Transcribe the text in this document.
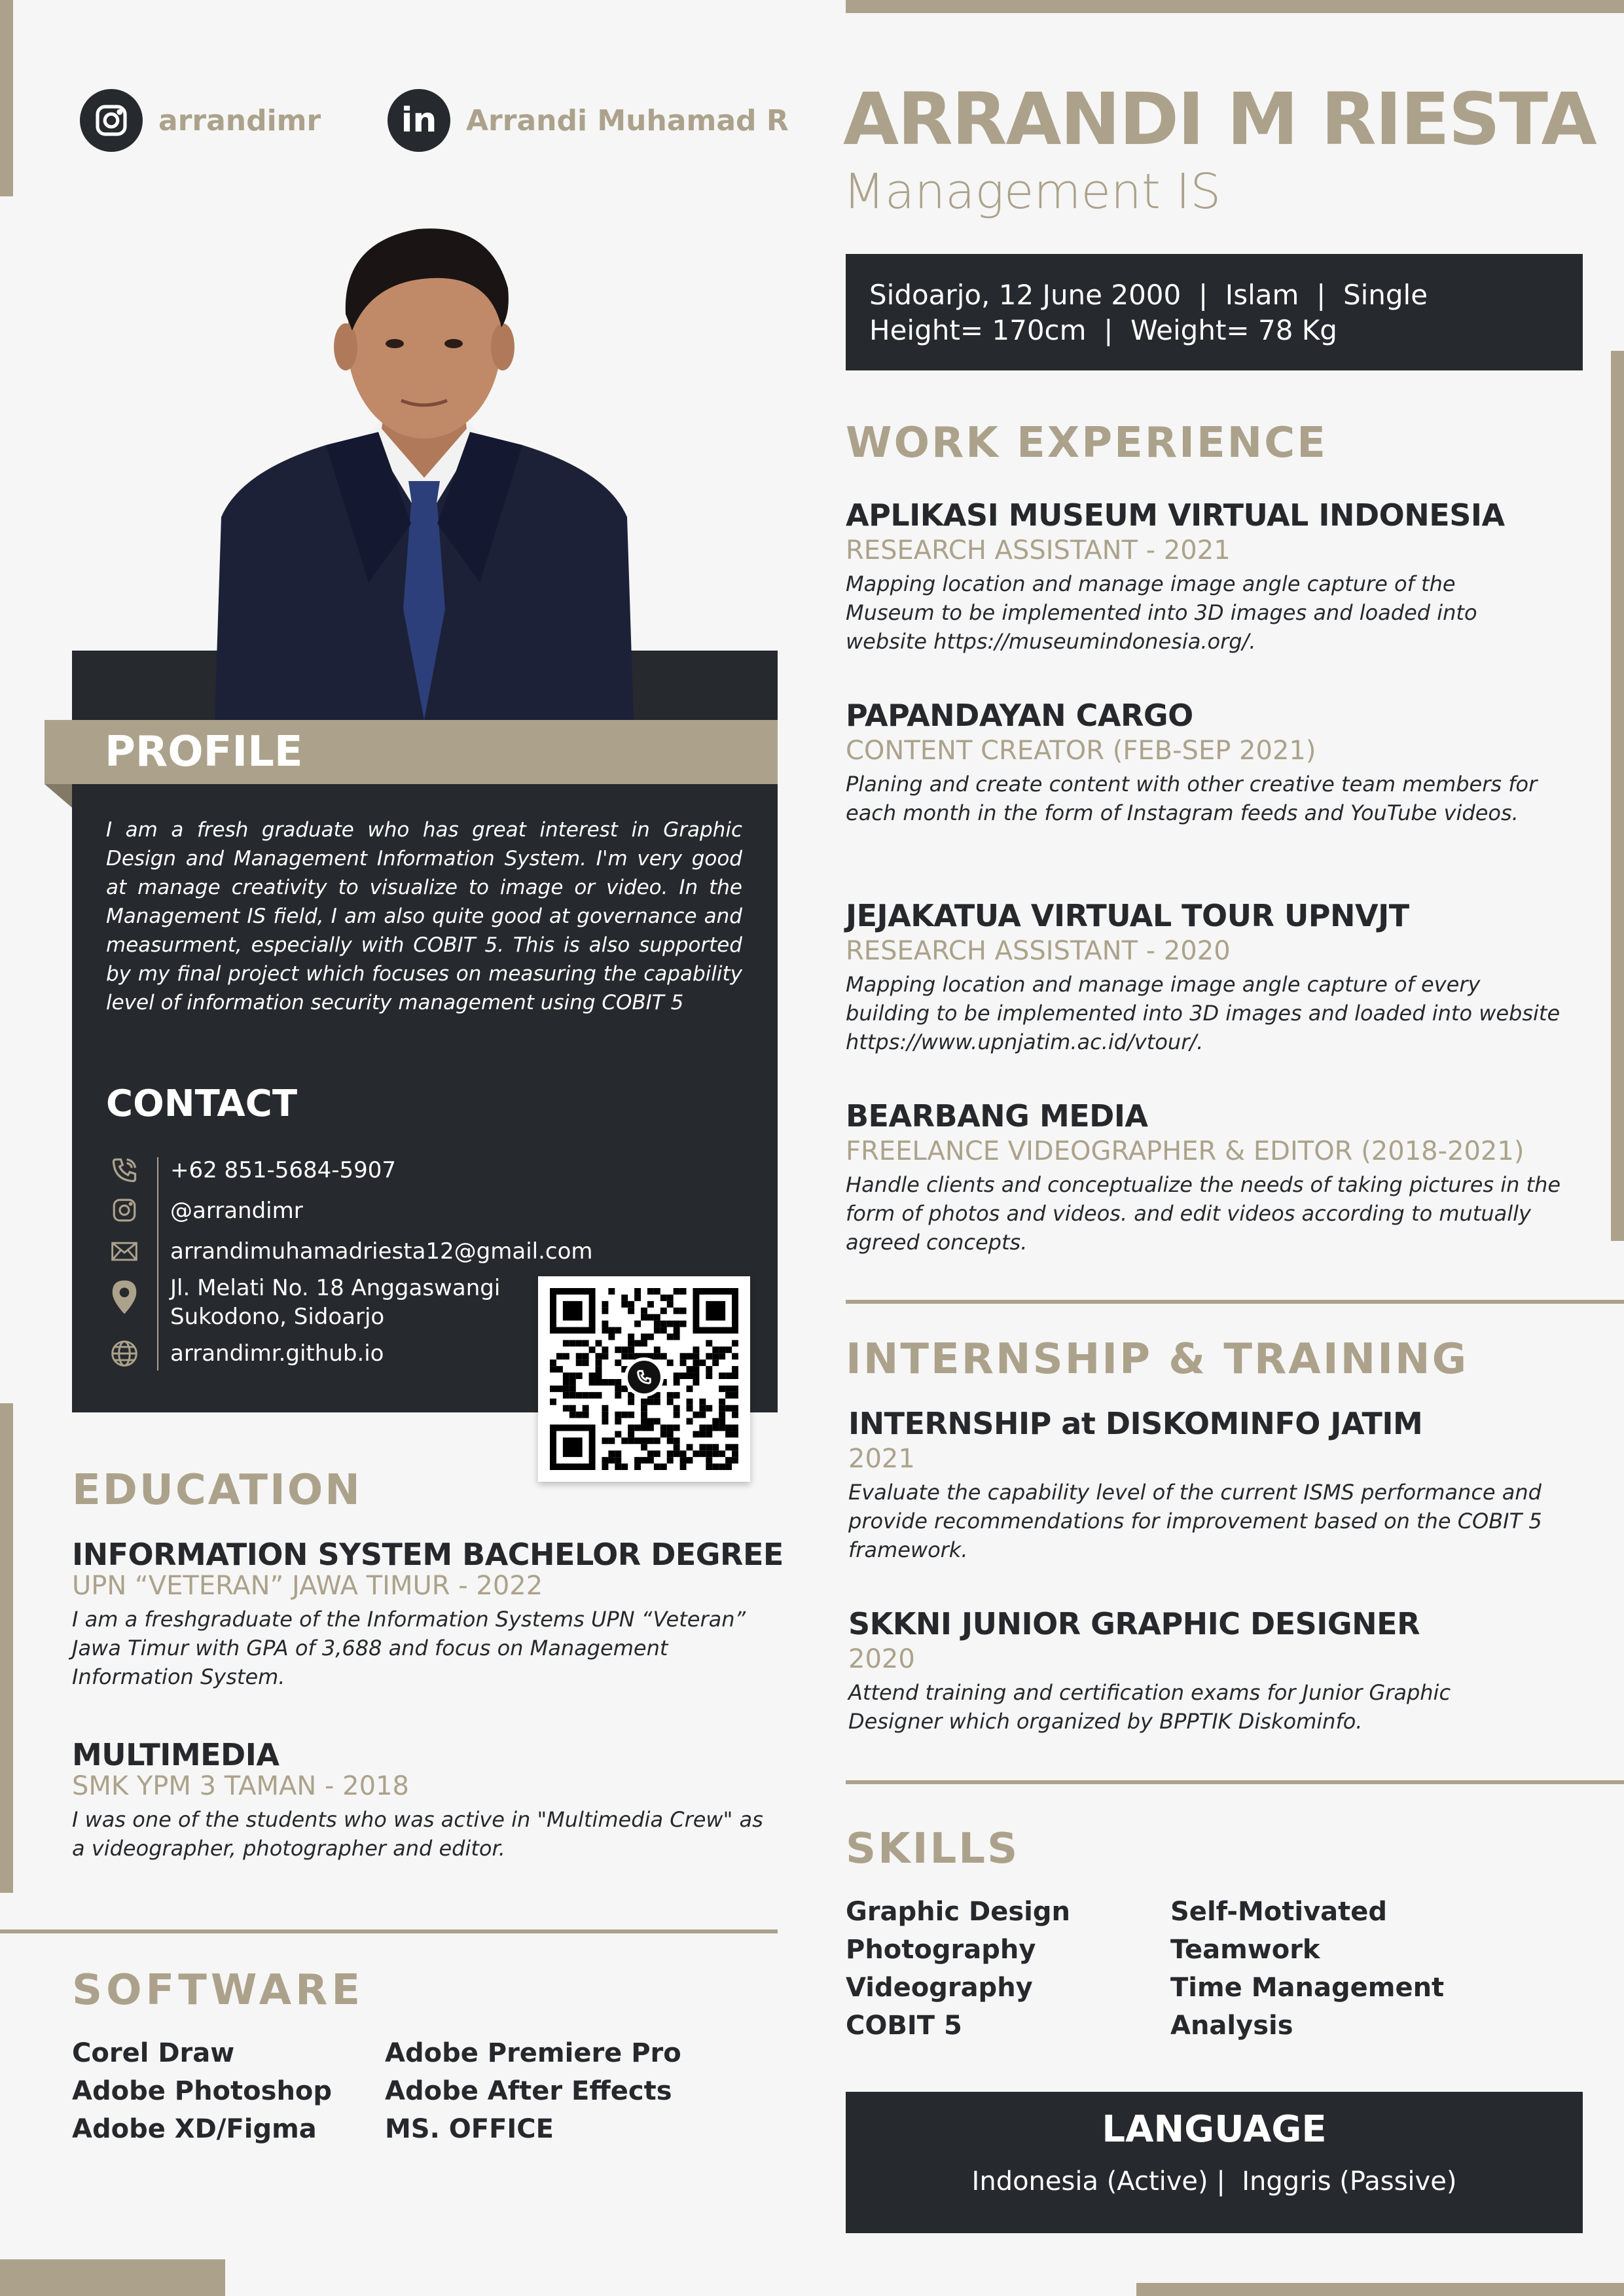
arrandimr	in	Arrandi Muhamad R ARRANDI M RIESTA
Management IS
Sidoarjo, 12 June 2000  |  Islam  |  Single
Height= 170cm  |  Weight= 78 Kg
PROFILE
I am a fresh graduate who has great interest in Graphic Design and Management Information System. I'm very good at manage creativity to visualize to image or video. In the Management IS field, I am also quite good at governance and measurment, especially with COBIT 5. This is also supported by my final project which focuses on measuring the capability level of information security management using COBIT 5
CONTACT
+62 851-5684-5907
@arrandimr
arrandimuhamadriesta12@gmail.com
Jl. Melati No. 18 Anggaswangi
Sukodono, Sidoarjo
arrandimr.github.io
EDUCATION
INFORMATION SYSTEM BACHELOR DEGREE
UPN “VETERAN” JAWA TIMUR - 2022
I am a freshgraduate of the Information Systems UPN “Veteran” Jawa Timur with GPA of 3,688 and focus on Management Information System.
MULTIMEDIA
SMK YPM 3 TAMAN - 2018
I was one of the students who was active in "Multimedia Crew" as a videographer, photographer and editor.
SOFTWARE
Corel Draw
Adobe Photoshop
Adobe XD/Figma
Adobe Premiere Pro
Adobe After Effects
MS. OFFICE
WORK EXPERIENCE
APLIKASI MUSEUM VIRTUAL INDONESIA
RESEARCH ASSISTANT - 2021
Mapping location and manage image angle capture of the Museum to be implemented into 3D images and loaded into website https://museumindonesia.org/.
PAPANDAYAN CARGO
CONTENT CREATOR (FEB-SEP 2021)
Planing and create content with other creative team members for each month in the form of Instagram feeds and YouTube videos.
JEJAKATUA VIRTUAL TOUR UPNVJT
RESEARCH ASSISTANT - 2020
Mapping location and manage image angle capture of every building to be implemented into 3D images and loaded into website https://www.upnjatim.ac.id/vtour/.
BEARBANG MEDIA
FREELANCE VIDEOGRAPHER & EDITOR (2018-2021)
Handle clients and conceptualize the needs of taking pictures in the form of photos and videos. and edit videos according to mutually agreed concepts.
INTERNSHIP & TRAINING
INTERNSHIP at DISKOMINFO JATIM
2021
Evaluate the capability level of the current ISMS performance and provide recommendations for improvement based on the COBIT 5 framework.
SKKNI JUNIOR GRAPHIC DESIGNER
2020
Attend training and certification exams for Junior Graphic Designer which organized by BPPTIK Diskominfo.
SKILLS
Graphic Design
Photography
Videography
COBIT 5
Self-Motivated
Teamwork
Time Management
Analysis
LANGUAGE
Indonesia (Active) |  Inggris (Passive)
